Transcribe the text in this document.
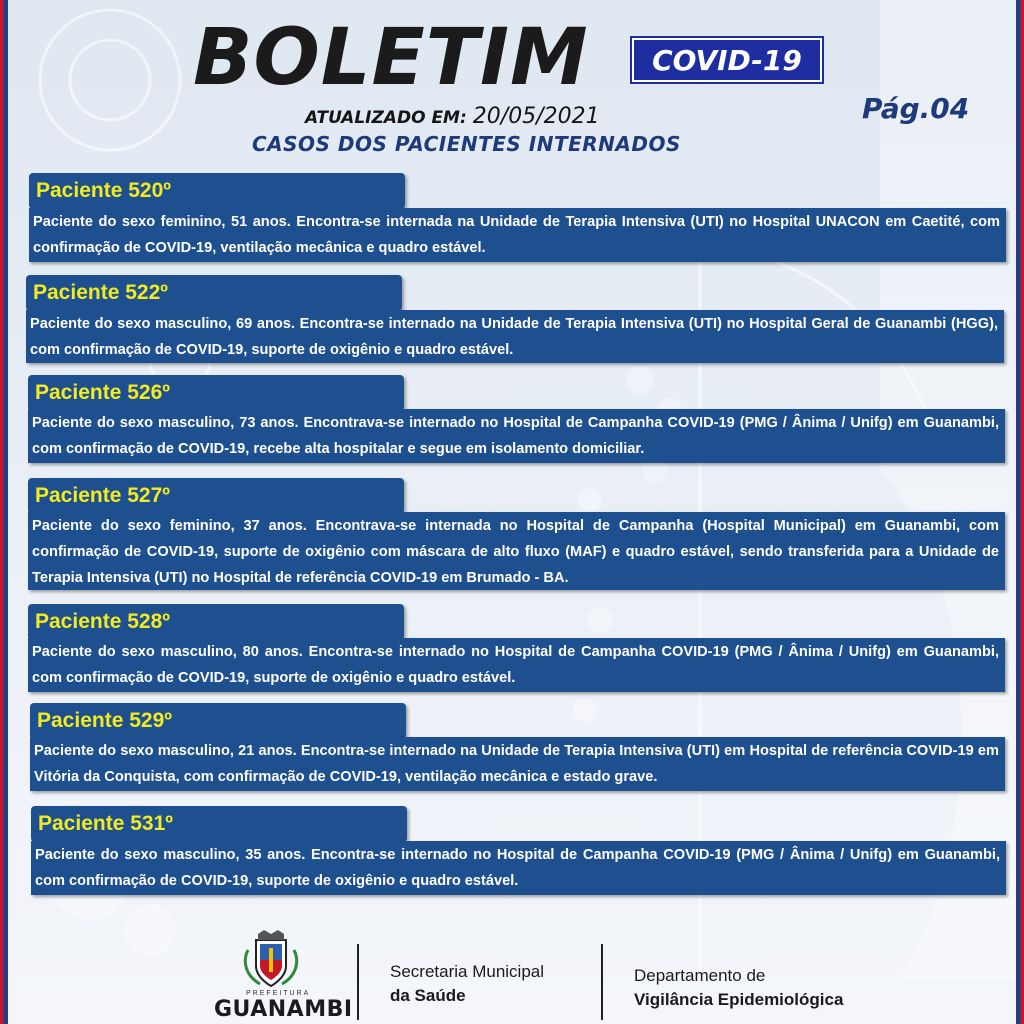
BOLETIM	COVID-19
ATUALIZADO EM: 20/05/2021	Pág.04
CASOS DOS PACIENTES INTERNADOS
Paciente 520º
Paciente do sexo feminino, 51 anos. Encontra-se internada na Unidade de Terapia Intensiva (UTI) no Hospital UNACON em Caetité, com confirmação de COVID-19, ventilação mecânica e quadro estável.
Paciente 522º
Paciente do sexo masculino, 69 anos. Encontra-se internado na Unidade de Terapia Intensiva (UTI) no Hospital Geral de Guanambi (HGG), com confirmação de COVID-19, suporte de oxigênio e quadro estável.
Paciente 526º
Paciente do sexo masculino, 73 anos. Encontrava-se internado no Hospital de Campanha COVID-19 (PMG / Ânima / Unifg) em Guanambi, com confirmação de COVID-19, recebe alta hospitalar e segue em isolamento domiciliar.
Paciente 527º
Paciente do sexo feminino, 37 anos. Encontrava-se internada no Hospital de Campanha (Hospital Municipal) em Guanambi, com confirmação de COVID-19, suporte de oxigênio com máscara de alto fluxo (MAF) e quadro estável, sendo transferida para a Unidade de Terapia Intensiva (UTI) no Hospital de referência COVID-19 em Brumado - BA.
Paciente 528º
Paciente do sexo masculino, 80 anos. Encontra-se internado no Hospital de Campanha COVID-19 (PMG / Ânima / Unifg) em Guanambi, com confirmação de COVID-19, suporte de oxigênio e quadro estável.
Paciente 529º
Paciente do sexo masculino, 21 anos. Encontra-se internado na Unidade de Terapia Intensiva (UTI) em Hospital de referência COVID-19 em Vitória da Conquista, com confirmação de COVID-19, ventilação mecânica e estado grave.
Paciente 531º
Paciente do sexo masculino, 35 anos. Encontra-se internado no Hospital de Campanha COVID-19 (PMG / Ânima / Unifg) em Guanambi, com confirmação de COVID-19, suporte de oxigênio e quadro estável.
PREFEITURA
GUANAMBI
Secretaria Municipal
da Saúde
Departamento de
Vigilância Epidemiológica
